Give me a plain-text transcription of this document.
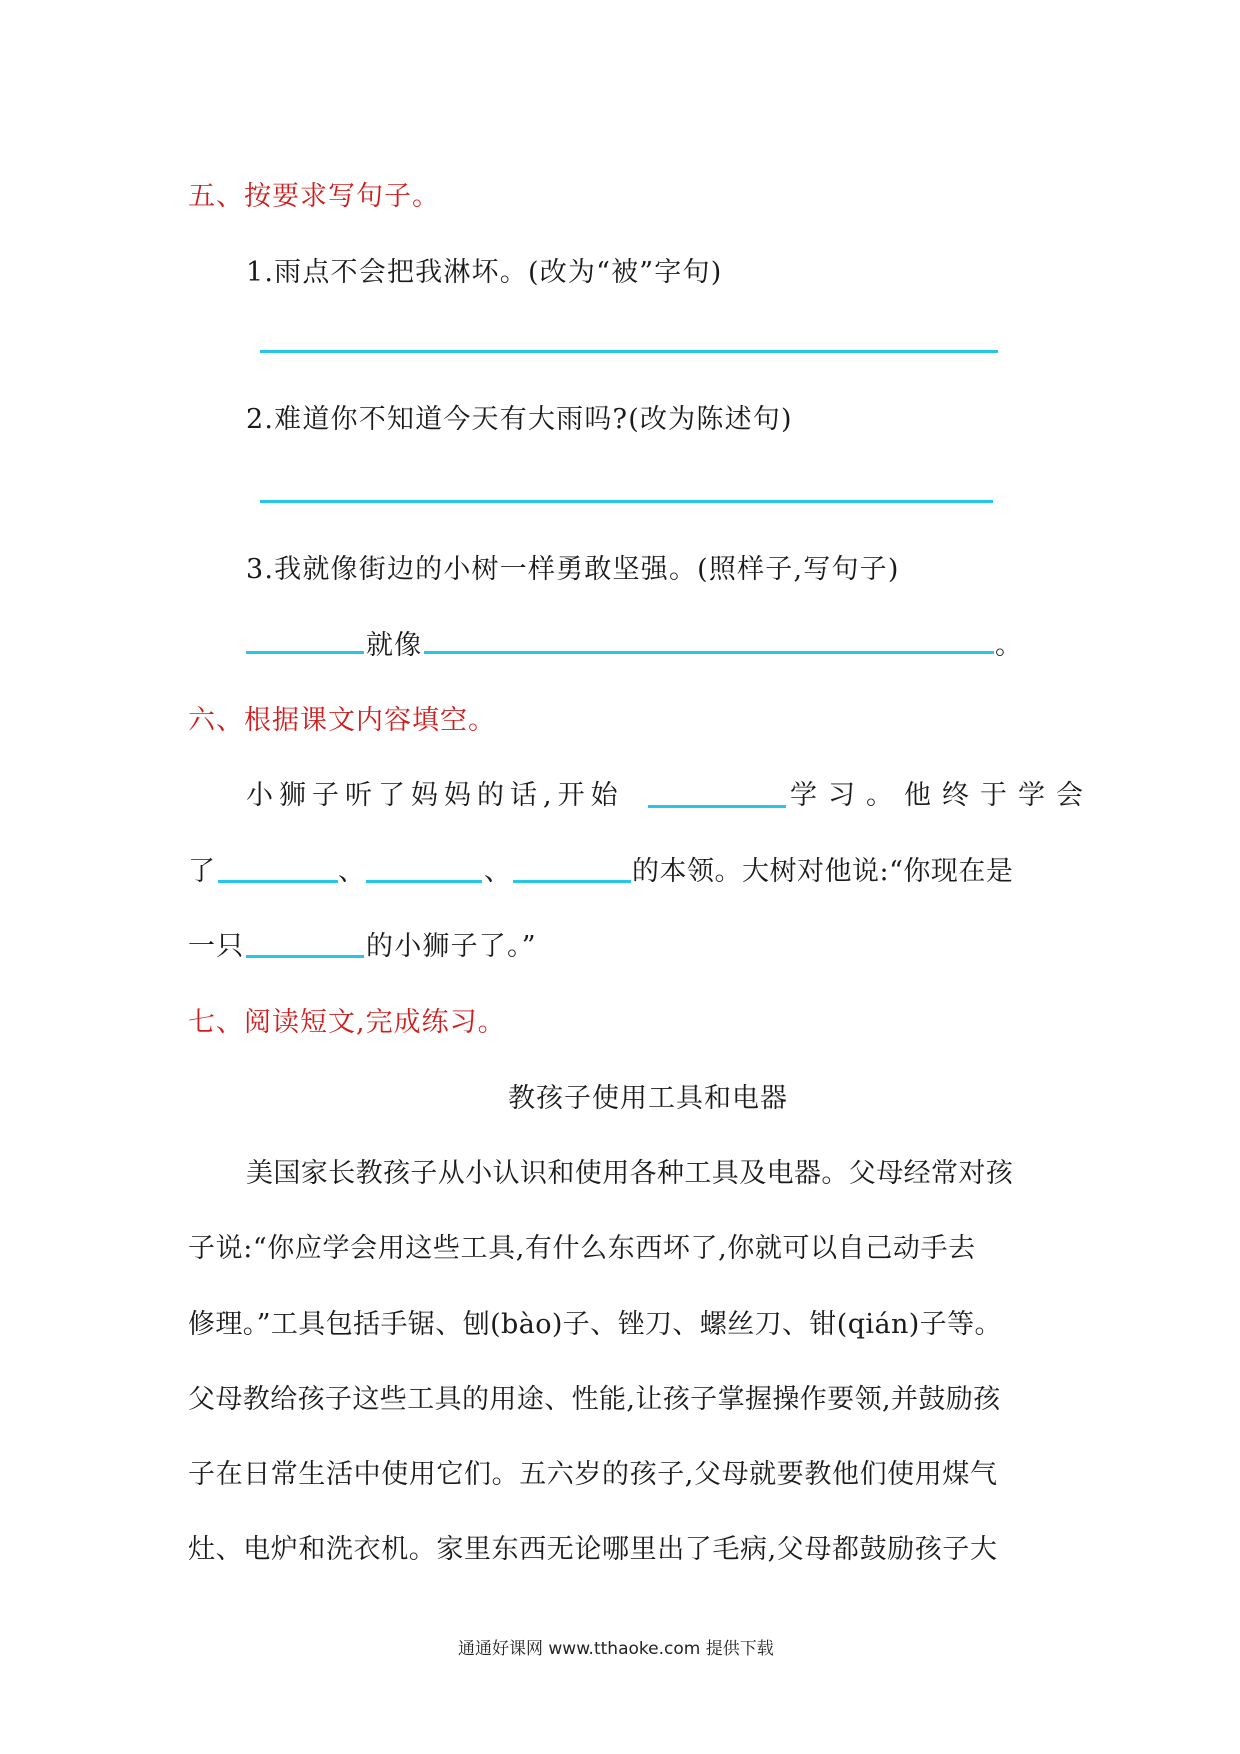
五、按要求写句子。
1.雨点不会把我淋坏。(改为“被”字句)
2.难道你不知道今天有大雨吗?(改为陈述句)
3.我就像街边的小树一样勇敢坚强。(照样子,写句子)
就像	。
六、根据课文内容填空。
小狮子听了妈妈的话,开始	学习。他终于学会
了	、	、	的本领。大树对他说:“你现在是
一只	的小狮子了。”
七、阅读短文,完成练习。
教孩子使用工具和电器
美国家长教孩子从小认识和使用各种工具及电器。父母经常对孩
子说:“你应学会用这些工具,有什么东西坏了,你就可以自己动手去
修理。”工具包括手锯、刨(bào)子、锉刀、螺丝刀、钳(qián)子等。
父母教给孩子这些工具的用途、性能,让孩子掌握操作要领,并鼓励孩
子在日常生活中使用它们。五六岁的孩子,父母就要教他们使用煤气
灶、电炉和洗衣机。家里东西无论哪里出了毛病,父母都鼓励孩子大
通通好课网 www.tthaoke.com 提供下载
